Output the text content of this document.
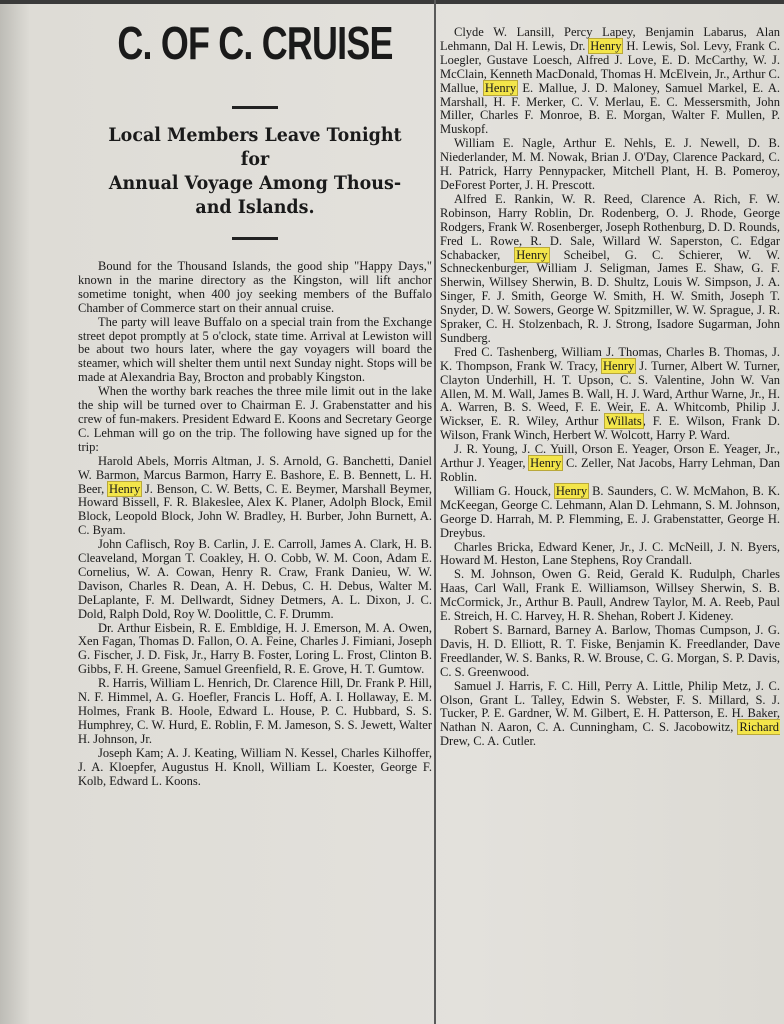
C. OF C. CRUISE
Local Members Leave Tonight for
Annual Voyage Among Thous-
and Islands.

Bound for the Thousand Islands, the good ship "Happy Days," known in the marine directory as the Kingston, will lift anchor sometime tonight, when 400 joy seeking members of the Buffalo Chamber of Commerce start on their annual cruise.

The party will leave Buffalo on a special train from the Exchange street depot promptly at 5 o'clock, state time. Arrival at Lewiston will be about two hours later, where the gay voyagers will board the steamer, which will shelter them until next Sunday night. Stops will be made at Alexandria Bay, Brocton and probably Kingston.

When the worthy bark reaches the three mile limit out in the lake the ship will be turned over to Chairman E. J. Grabenstatter and his crew of fun-makers. President Edward E. Koons and Secretary George C. Lehman will go on the trip. The following have signed up for the trip:

Harold Abels, Morris Altman, J. S. Arnold, G. Banchetti, Daniel W. Barmon, Marcus Barmon, Harry E. Bashore, E. B. Bennett, L. H. Beer, Henry J. Benson, C. W. Betts, C. E. Beymer, Marshall Beymer, Howard Bissell, F. R. Blakeslee, Alex K. Planer, Adolph Block, Emil Block, Leopold Block, John W. Bradley, H. Burber, John Burnett, A. C. Byam.

John Caflisch, Roy B. Carlin, J. E. Carroll, James A. Clark, H. B. Cleaveland, Morgan T. Coakley, H. O. Cobb, W. M. Coon, Adam E. Cornelius, W. A. Cowan, Henry R. Craw, Frank Danieu, W. W. Davison, Charles R. Dean, A. H. Debus, C. H. Debus, Walter M. DeLaplante, F. M. Dellwardt, Sidney Detmers, A. L. Dixon, J. C. Dold, Ralph Dold, Roy W. Doolittle, C. F. Drumm.

Dr. Arthur Eisbein, R. E. Embldige, H. J. Emerson, M. A. Owen, Xen Fagan, Thomas D. Fallon, O. A. Feine, Charles J. Fimiani, Joseph G. Fischer, J. D. Fisk, Jr., Harry B. Foster, Loring L. Frost, Clinton B. Gibbs, F. H. Greene, Samuel Greenfield, R. E. Grove, H. T. Gumtow.

R. Harris, William L. Henrich, Dr. Clarence Hill, Dr. Frank P. Hill, N. F. Himmel, A. G. Hoefler, Francis L. Hoff, A. I. Hollaway, E. M. Holmes, Frank B. Hoole, Edward L. House, P. C. Hubbard, S. S. Humphrey, C. W. Hurd, E. Roblin, F. M. Jameson, S. S. Jewett, Walter H. Johnson, Jr.

Joseph Kam; A. J. Keating, William N. Kessel, Charles Kilhoffer, J. A. Kloepfer, Augustus H. Knoll, William L. Koester, George F. Kolb, Edward L. Koons.

Clyde W. Lansill, Percy Lapey, Benjamin Labarus, Alan Lehmann, Dal H. Lewis, Dr. Henry H. Lewis, Sol. Levy, Frank C. Loegler, Gustave Loesch, Alfred J. Love, E. D. McCarthy, W. J. McClain, Kenneth MacDonald, Thomas H. McElvein, Jr., Arthur C. Mallue, Henry E. Mallue, J. D. Maloney, Samuel Markel, E. A. Marshall, H. F. Merker, C. V. Merlau, E. C. Messersmith, John Miller, Charles F. Monroe, B. E. Morgan, Walter F. Mullen, P. Muskopf.

William E. Nagle, Arthur E. Nehls, E. J. Newell, D. B. Niederlander, M. M. Nowak, Brian J. O'Day, Clarence Packard, C. H. Patrick, Harry Pennypacker, Mitchell Plant, H. B. Pomeroy, DeForest Porter, J. H. Prescott.

Alfred E. Rankin, W. R. Reed, Clarence A. Rich, F. W. Robinson, Harry Roblin, Dr. Rodenberg, O. J. Rhode, George Rodgers, Frank W. Rosenberger, Joseph Rothenburg, D. D. Rounds, Fred L. Rowe, R. D. Sale, Willard W. Saperston, C. Edgar Schabacker, Henry Scheibel, G. C. Schierer, W. W. Schneckenburger, William J. Seligman, James E. Shaw, G. F. Sherwin, Willsey Sherwin, B. D. Shultz, Louis W. Simpson, J. A. Singer, F. J. Smith, George W. Smith, H. W. Smith, Joseph T. Snyder, D. W. Sowers, George W. Spitzmiller, W. W. Sprague, J. R. Spraker, C. H. Stolzenbach, R. J. Strong, Isadore Sugarman, John Sundberg.

Fred C. Tashenberg, William J. Thomas, Charles B. Thomas, J. K. Thompson, Frank W. Tracy, Henry J. Turner, Albert W. Turner, Clayton Underhill, H. T. Upson, C. S. Valentine, John W. Van Allen, M. M. Wall, James B. Wall, H. J. Ward, Arthur Warne, Jr., H. A. Warren, B. S. Weed, F. E. Weir, E. A. Whitcomb, Philip J. Wickser, E. R. Wiley, Arthur Willats, F. E. Wilson, Frank D. Wilson, Frank Winch, Herbert W. Wolcott, Harry P. Ward.

J. R. Young, J. C. Yuill, Orson E. Yeager, Orson E. Yeager, Jr., Arthur J. Yeager, Henry C. Zeller, Nat Jacobs, Harry Lehman, Dan Roblin.

William G. Houck, Henry B. Saunders, C. W. McMahon, B. K. McKeegan, George C. Lehmann, Alan D. Lehmann, S. M. Johnson, George D. Harrah, M. P. Flemming, E. J. Grabenstatter, George H. Dreybus.

Charles Bricka, Edward Kener, Jr., J. C. McNeill, J. N. Byers, Howard M. Heston, Lane Stephens, Roy Crandall.

S. M. Johnson, Owen G. Reid, Gerald K. Rudulph, Charles Haas, Carl Wall, Frank E. Williamson, Willsey Sherwin, S. B. McCormick, Jr., Arthur B. Paull, Andrew Taylor, M. A. Reeb, Paul E. Streich, H. C. Harvey, H. R. Shehan, Robert J. Kideney.

Robert S. Barnard, Barney A. Barlow, Thomas Cumpson, J. G. Davis, H. D. Elliott, R. T. Fiske, Benjamin K. Freedlander, Dave Freedlander, W. S. Banks, R. W. Brouse, C. G. Morgan, S. P. Davis, C. S. Greenwood.

Samuel J. Harris, F. C. Hill, Perry A. Little, Philip Metz, J. C. Olson, Grant L. Talley, Edwin S. Webster, F. S. Millard, S. J. Tucker, P. E. Gardner, W. M. Gilbert, E. H. Patterson, E. H. Baker, Nathan N. Aaron, C. A. Cunningham, C. S. Jacobowitz, Richard Drew, C. A. Cutler.
